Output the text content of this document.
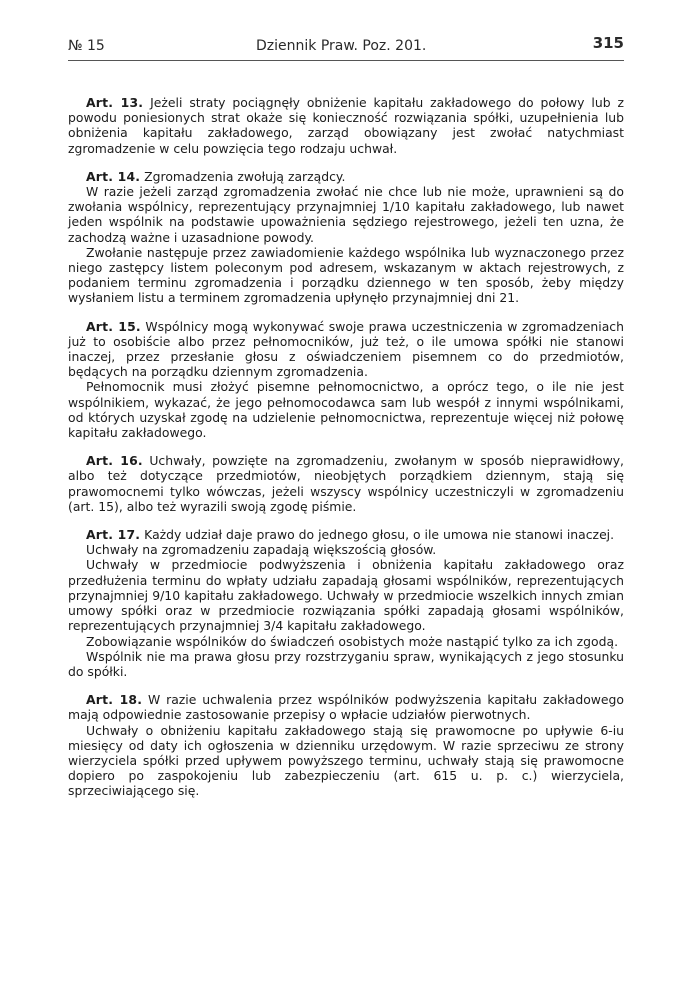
№ 15	Dziennik Praw. Poz. 201.	315

Art. 13. Jeżeli straty pociągnęły obniżenie kapitału zakładowego do połowy lub z powodu poniesionych strat okaże się konieczność rozwiązania spółki, uzupełnienia lub obniżenia kapitału zakładowego, zarząd obowiązany jest zwołać natychmiast zgromadzenie w celu powzięcia tego rodzaju uchwał.

Art. 14. Zgromadzenia zwołują zarządcy.

W razie jeżeli zarząd zgromadzenia zwołać nie chce lub nie może, uprawnieni są do zwołania wspólnicy, reprezentujący przynajmniej 1/10 kapitału zakładowego, lub nawet jeden wspólnik na podstawie upoważnienia sędziego rejestrowego, jeżeli ten uzna, że zachodzą ważne i uzasadnione powody.

Zwołanie następuje przez zawiadomienie każdego wspólnika lub wyznaczonego przez niego zastępcy listem poleconym pod adresem, wskazanym w aktach rejestrowych, z podaniem terminu zgromadzenia i porządku dziennego w ten sposób, żeby między wysłaniem listu a terminem zgromadzenia upłynęło przynajmniej dni 21.

Art. 15. Wspólnicy mogą wykonywać swoje prawa uczestniczenia w zgromadzeniach już to osobiście albo przez pełnomocników, już też, o ile umowa spółki nie stanowi inaczej, przez przesłanie głosu z oświadczeniem pisemnem co do przedmiotów, będących na porządku dziennym zgromadzenia.

Pełnomocnik musi złożyć pisemne pełnomocnictwo, a oprócz tego, o ile nie jest wspólnikiem, wykazać, że jego pełnomocodawca sam lub wespół z innymi wspólnikami, od których uzyskał zgodę na udzielenie pełnomocnictwa, reprezentuje więcej niż połowę kapitału zakładowego.

Art. 16. Uchwały, powzięte na zgromadzeniu, zwołanym w sposób nieprawidłowy, albo też dotyczące przedmiotów, nieobjętych porządkiem dziennym, stają się prawomocnemi tylko wówczas, jeżeli wszyscy wspólnicy uczestniczyli w zgromadzeniu (art. 15), albo też wyrazili swoją zgodę piśmie.

Art. 17. Każdy udział daje prawo do jednego głosu, o ile umowa nie stanowi inaczej.

Uchwały na zgromadzeniu zapadają większością głosów.

Uchwały w przedmiocie podwyższenia i obniżenia kapitału zakładowego oraz przedłużenia terminu do wpłaty udziału zapadają głosami wspólników, reprezentujących przynajmniej 9/10 kapitału zakładowego. Uchwały w przedmiocie wszelkich innych zmian umowy spółki oraz w przedmiocie rozwiązania spółki zapadają głosami wspólników, reprezentujących przynajmniej 3/4 kapitału zakładowego.

Zobowiązanie wspólników do świadczeń osobistych może nastąpić tylko za ich zgodą.

Wspólnik nie ma prawa głosu przy rozstrzyganiu spraw, wynikających z jego stosunku do spółki.

Art. 18. W razie uchwalenia przez wspólników podwyższenia kapitału zakładowego mają odpowiednie zastosowanie przepisy o wpłacie udziałów pierwotnych.

Uchwały o obniżeniu kapitału zakładowego stają się prawomocne po upływie 6-iu miesięcy od daty ich ogłoszenia w dzienniku urzędowym. W razie sprzeciwu ze strony wierzyciela spółki przed upływem powyższego terminu, uchwały stają się prawomocne dopiero po zaspokojeniu lub zabezpieczeniu (art. 615 u. p. c.) wierzyciela, sprzeciwiającego się.
